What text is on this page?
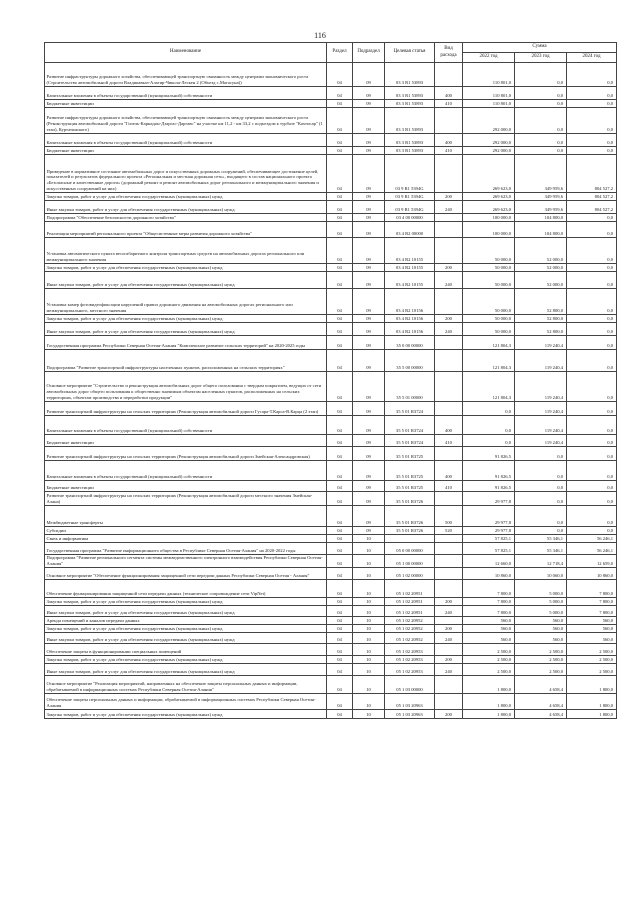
116
Наименование	Раздел	Подраздел	Целевая статья	Вид расхода	Сумма		
					2022 год	2023 год	2024 год
Развитие инфраструктуры дорожного хозяйства, обеспечивающей транспортную связанность между центрами экономического роста (Строительство автомобильной дороги Владикавказ-Алагир-Чикола-Лескен 2 (Объезд с.Магасуна))	04	09	03 3 R1 53893		110 801,0	0,0	0,0
Капитальные вложения в объекты государственной (муниципальной) собственности	04	09	03 3 R1 53893	400	110 801,0	0,0	0,0
Бюджетные инвестиции	04	09	03 3 R1 53893	410	110 801,0	0,0	0,0
Развитие инфраструктуры дорожного хозяйства, обеспечивающей транспортную связанность между центрами экономического роста (Реконструкция автомобильной дороги "Гизель-Карнадон-Дзаргас-Даргавс" на участке км 11,2 - км 33,2 с подъездом к турбазе "Кахтисар" (1 этап), Куртатинского)	04	09	03 3 R1 53893		292 000,0	0,0	0,0
Капитальные вложения в объекты государственной (муниципальной) собственности	04	09	03 3 R1 53893	400	292 000,0	0,0	0,0
Бюджетные инвестиции	04	09	03 3 R1 53893	410	292 000,0	0,0	0,0
Приведение в нормативное состояние автомобильных дорог и искусственных дорожных сооружений, обеспечивающее достижение целей, показателей и результатов федерального проекта «Региональная и местная дорожная сеть», входящего в состав национального проекта «Безопасные и качественные дороги» (дорожный ремонт и ремонт автомобильных дорог регионального и межмуниципального значения и искусственных сооружений на них)	04	09	03 9 R1 5394G		269 623,0	349 959,6	804 527,2
Закупка товаров, работ и услуг для обеспечения государственных (муниципальных) нужд	04	09	03 9 R1 5394G	200	269 623,0	349 959,6	804 527,2
Иные закупки товаров, работ и услуг для обеспечения государственных (муниципальных) нужд	04	09	03 9 R1 5394G	240	269 623,0	349 959,6	804 527,2
Подпрограмма "Обеспечение безопасности дорожного хозяйства"	04	09	03 4 00 00000		100 000,0	104 800,0	0,0
Реализация мероприятий регионального проекта "Общесистемные меры развития дорожного хозяйства"	04	09	03 4 R2 00000		100 000,0	104 800,0	0,0
Установка автоматического пункта весогабаритного контроля транспортных средств на автомобильных дорогах регионального или межмуниципального значения	04	09	03 4 R2 10155		50 000,0	52 000,0	0,0
Закупка товаров, работ и услуг для обеспечения государственных (муниципальных) нужд	04	09	03 4 R2 10155	200	50 000,0	52 000,0	0,0
Иные закупки товаров, работ и услуг для обеспечения государственных (муниципальных) нужд	04	09	03 4 R2 10155	240	50 000,0	52 000,0	0,0
Установка камер фотовидеофиксации нарушений правил дорожного движения на автомобильных дорогах регионального или межмуниципального, местного значения	04	09	03 4 R2 10156		50 000,0	52 800,0	0,0
Закупка товаров, работ и услуг для обеспечения государственных (муниципальных) нужд	04	09	03 4 R2 10156	200	50 000,0	52 800,0	0,0
Иные закупки товаров, работ и услуг для обеспечения государственных (муниципальных) нужд	04	09	03 4 R2 10156	240	50 000,0	52 800,0	0,0
Государственная программа Республики Северная Осетия-Алания "Комплексное развитие сельских территорий" на 2020-2025 годы	04	09	35 0 00 00000		121 804,3	119 240,4	0,0
Подпрограмма "Развитие транспортной инфраструктуры населенных пунктов, расположенных на сельских территориях"	04	09	35 5 00 00000		121 804,3	119 240,4	0,0
Основное мероприятие "Строительство и реконструкция автомобильных дорог общего пользования с твердым покрытием, ведущих от сети автомобильных дорог общего пользования к общественно значимым объектам населенных пунктов, расположенных на сельских территориях, объектам производства и переработки продукции"	04	09	35 5 01 00000		121 804,3	119 240,4	0,0
Развитие транспортной инфраструктуры на сельских территориях (Реконструкция автомобильной дороги Гусара-Т.Карса-В.Карца (2 этап)	04	09	35 5 01 R3724		0,0	119 240,4	0,0
Капитальные вложения в объекты государственной (муниципальной) собственности	04	09	35 5 01 R3724	400	0,0	119 240,4	0,0
Бюджетные инвестиции	04	09	35 5 01 R3724	410	0,0	119 240,4	0,0
Развитие транспортной инфраструктуры на сельских территориях (Реконструкция автомобильной дороги Змейская-Александровская)	04	09	35 5 01 R3725		91 826,5	0,0	0,0
Капитальные вложения в объекты государственной (муниципальной) собственности	04	09	35 5 01 R3725	400	91 826,5	0,0	0,0
Бюджетные инвестиции	04	09	35 5 01 R3725	410	91 826,5	0,0	0,0
Развитие транспортной инфраструктуры на сельских территориях (Реконструкция автомобильной дороги местного значения Змейская-Алана)	04	09	35 5 01 R3726		29 977,8	0,0	0,0
Межбюджетные трансферты	04	09	35 5 01 R3726	500	29 977,8	0,0	0,0
Субсидии	04	09	35 5 01 R3726	520	29 977,8	0,0	0,0
Связь и информатика	04	10			57 825,1	55 346,1	56 246,1
Государственная программа "Развитие информационного общества в Республике Северная Осетия-Алания" на 2020-2022 годы	04	10	05 0 00 00000		57 825,1	55 346,1	56 246,1
Подпрограмма "Развитие регионального сегмента системы межведомственного электронного взаимодействия Республики Северная Осетия-Алания"	04	10	05 1 00 00000		12 660,0	12 718,4	12 659,0
Основное мероприятие "Обеспечение функционирования защищенной сети передачи данных Республики Северная Осетия - Алания"	04	10	05 1 02 00000		10 860,0	10 060,0	10 860,0
Обеспечение функционирования защищенной сети передачи данных (техническое сопровождение сети VipNet)	04	10	05 1 02 20951		7 800,0	5 000,0	7 800,0
Закупка товаров, работ и услуг для обеспечения государственных (муниципальных) нужд	04	10	05 1 02 20951	200	7 800,0	5 000,0	7 800,0
Иные закупки товаров, работ и услуг для обеспечения государственных (муниципальных) нужд	04	10	05 1 02 20951	240	7 800,0	5 000,0	7 800,0
Аренда помещений и каналов передачи данных	04	10	05 1 02 20952		560,0	560,0	560,0
Закупка товаров, работ и услуг для обеспечения государственных (муниципальных) нужд	04	10	05 1 02 20952	200	560,0	560,0	560,0
Иные закупки товаров, работ и услуг для обеспечения государственных (муниципальных) нужд	04	10	05 1 02 20952	240	560,0	560,0	560,0
Обеспечение защиты в функционировании специальных помещений	04	10	05 1 02 20953		2 500,0	2 500,0	2 500,0
Закупка товаров, работ и услуг для обеспечения государственных (муниципальных) нужд	04	10	05 1 02 20953	200	2 500,0	2 500,0	2 500,0
Иные закупки товаров, работ и услуг для обеспечения государственных (муниципальных) нужд	04	10	05 1 02 20953	240	2 500,0	2 500,0	2 500,0
Основное мероприятие "Реализация мероприятий, направленных на обеспечение защиты персональных данных и информации, обрабатываемой в информационных системах Республики Северная Осетия-Алания"	04	10	05 1 03 00000		1 800,0	4 658,4	1 800,0
Обеспечение защиты персональных данных и информации, обрабатываемой в информационных системах Республики Северная Осетия-Алания	04	10	05 1 03 20963		1 800,0	4 658,4	1 800,0
Закупка товаров, работ и услуг для обеспечения государственных (муниципальных) нужд	04	10	05 1 03 20963	200	1 800,0	4 658,4	1 800,0
